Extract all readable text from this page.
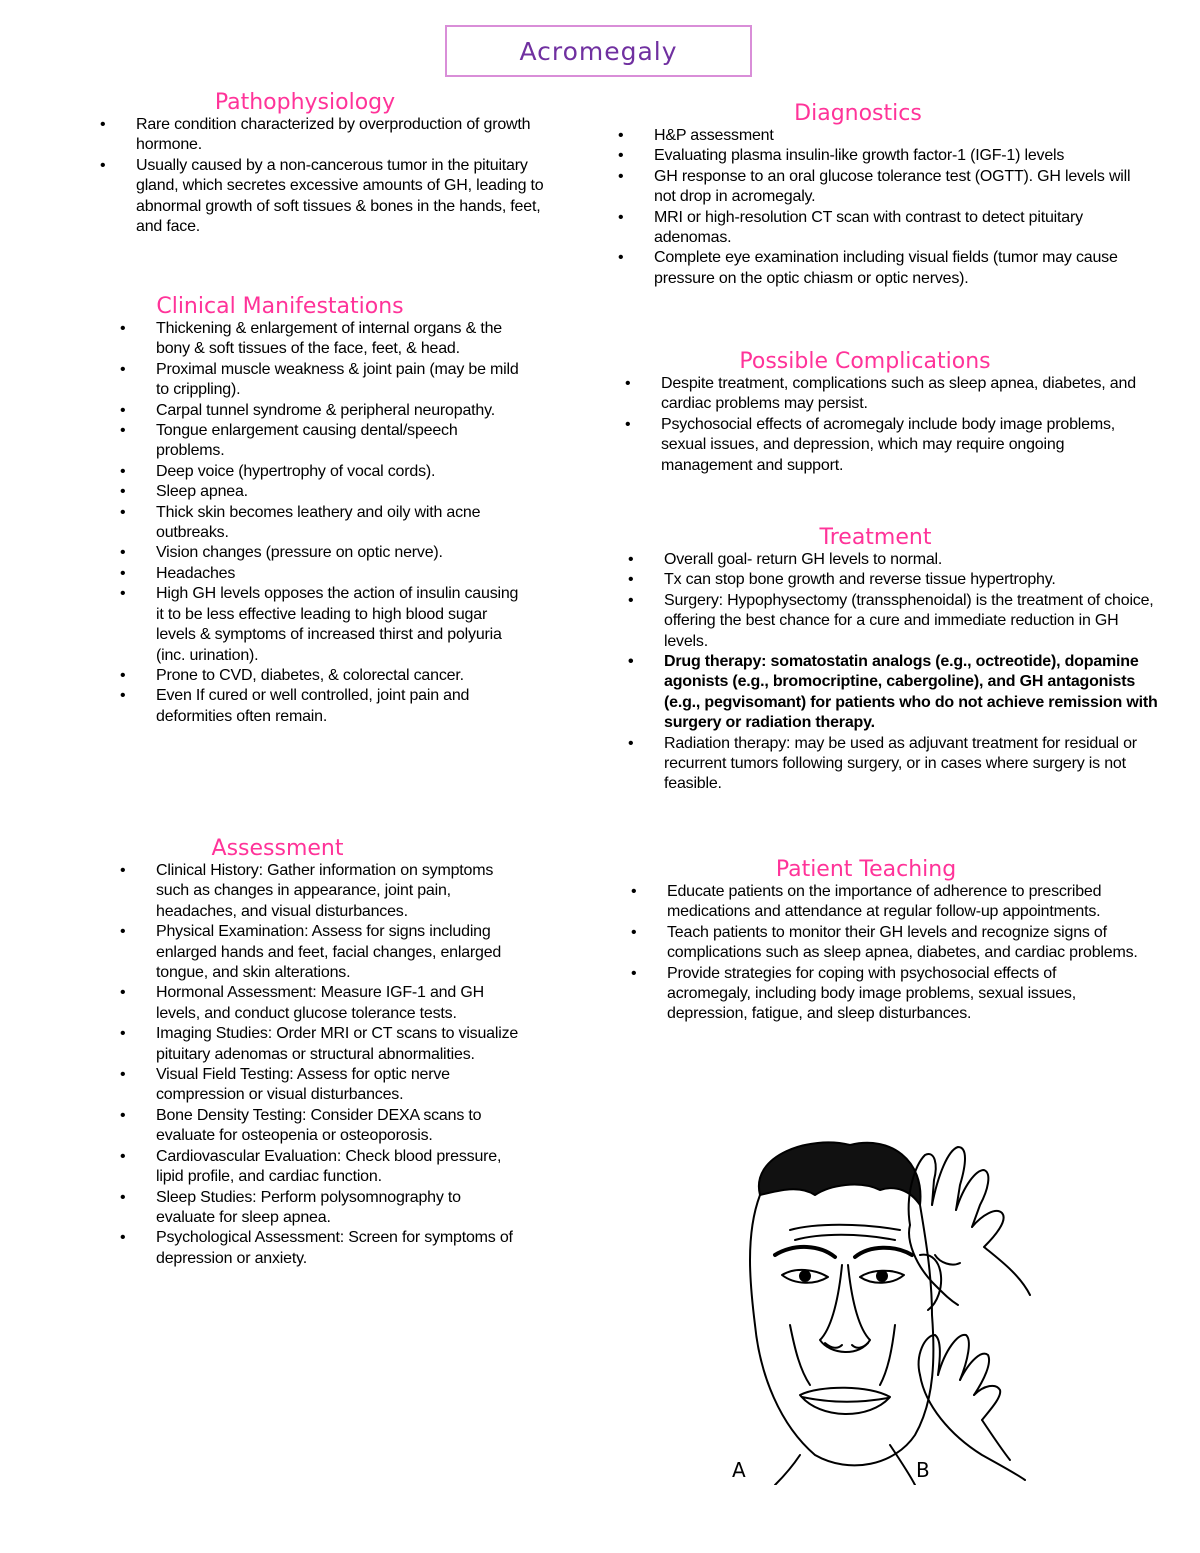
Acromegaly
Pathophysiology
• Rare condition characterized by overproduction of growth hormone.
• Usually caused by a non-cancerous tumor in the pituitary gland, which secretes excessive amounts of GH, leading to abnormal growth of soft tissues & bones in the hands, feet, and face.
Clinical Manifestations
• Thickening & enlargement of internal organs & the bony & soft tissues of the face, feet, & head.
• Proximal muscle weakness & joint pain (may be mild to crippling).
• Carpal tunnel syndrome & peripheral neuropathy.
• Tongue enlargement causing dental/speech problems.
• Deep voice (hypertrophy of vocal cords).
• Sleep apnea.
• Thick skin becomes leathery and oily with acne outbreaks.
• Vision changes (pressure on optic nerve).
• Headaches
• High GH levels opposes the action of insulin causing it to be less effective leading to high blood sugar levels & symptoms of increased thirst and polyuria (inc. urination).
• Prone to CVD, diabetes, & colorectal cancer.
• Even If cured or well controlled, joint pain and deformities often remain.
Assessment
• Clinical History: Gather information on symptoms such as changes in appearance, joint pain, headaches, and visual disturbances.
• Physical Examination: Assess for signs including enlarged hands and feet, facial changes, enlarged tongue, and skin alterations.
• Hormonal Assessment: Measure IGF-1 and GH levels, and conduct glucose tolerance tests.
• Imaging Studies: Order MRI or CT scans to visualize pituitary adenomas or structural abnormalities.
• Visual Field Testing: Assess for optic nerve compression or visual disturbances.
• Bone Density Testing: Consider DEXA scans to evaluate for osteopenia or osteoporosis.
• Cardiovascular Evaluation: Check blood pressure, lipid profile, and cardiac function.
• Sleep Studies: Perform polysomnography to evaluate for sleep apnea.
• Psychological Assessment: Screen for symptoms of depression or anxiety.
Diagnostics
• H&P assessment
• Evaluating plasma insulin-like growth factor-1 (IGF-1) levels
• GH response to an oral glucose tolerance test (OGTT). GH levels will not drop in acromegaly.
• MRI or high-resolution CT scan with contrast to detect pituitary adenomas.
• Complete eye examination including visual fields (tumor may cause pressure on the optic chiasm or optic nerves).
Possible Complications
• Despite treatment, complications such as sleep apnea, diabetes, and cardiac problems may persist.
• Psychosocial effects of acromegaly include body image problems, sexual issues, and depression, which may require ongoing management and support.
Treatment
• Overall goal- return GH levels to normal.
• Tx can stop bone growth and reverse tissue hypertrophy.
• Surgery: Hypophysectomy (transsphenoidal) is the treatment of choice, offering the best chance for a cure and immediate reduction in GH levels.
• Drug therapy: somatostatin analogs (e.g., octreotide), dopamine agonists (e.g., bromocriptine, cabergoline), and GH antagonists (e.g., pegvisomant) for patients who do not achieve remission with surgery or radiation therapy.
• Radiation therapy: may be used as adjuvant treatment for residual or recurrent tumors following surgery, or in cases where surgery is not feasible.
Patient Teaching
• Educate patients on the importance of adherence to prescribed medications and attendance at regular follow-up appointments.
• Teach patients to monitor their GH levels and recognize signs of complications such as sleep apnea, diabetes, and cardiac problems.
• Provide strategies for coping with psychosocial effects of acromegaly, including body image problems, sexual issues, depression, fatigue, and sleep disturbances.
A	B
